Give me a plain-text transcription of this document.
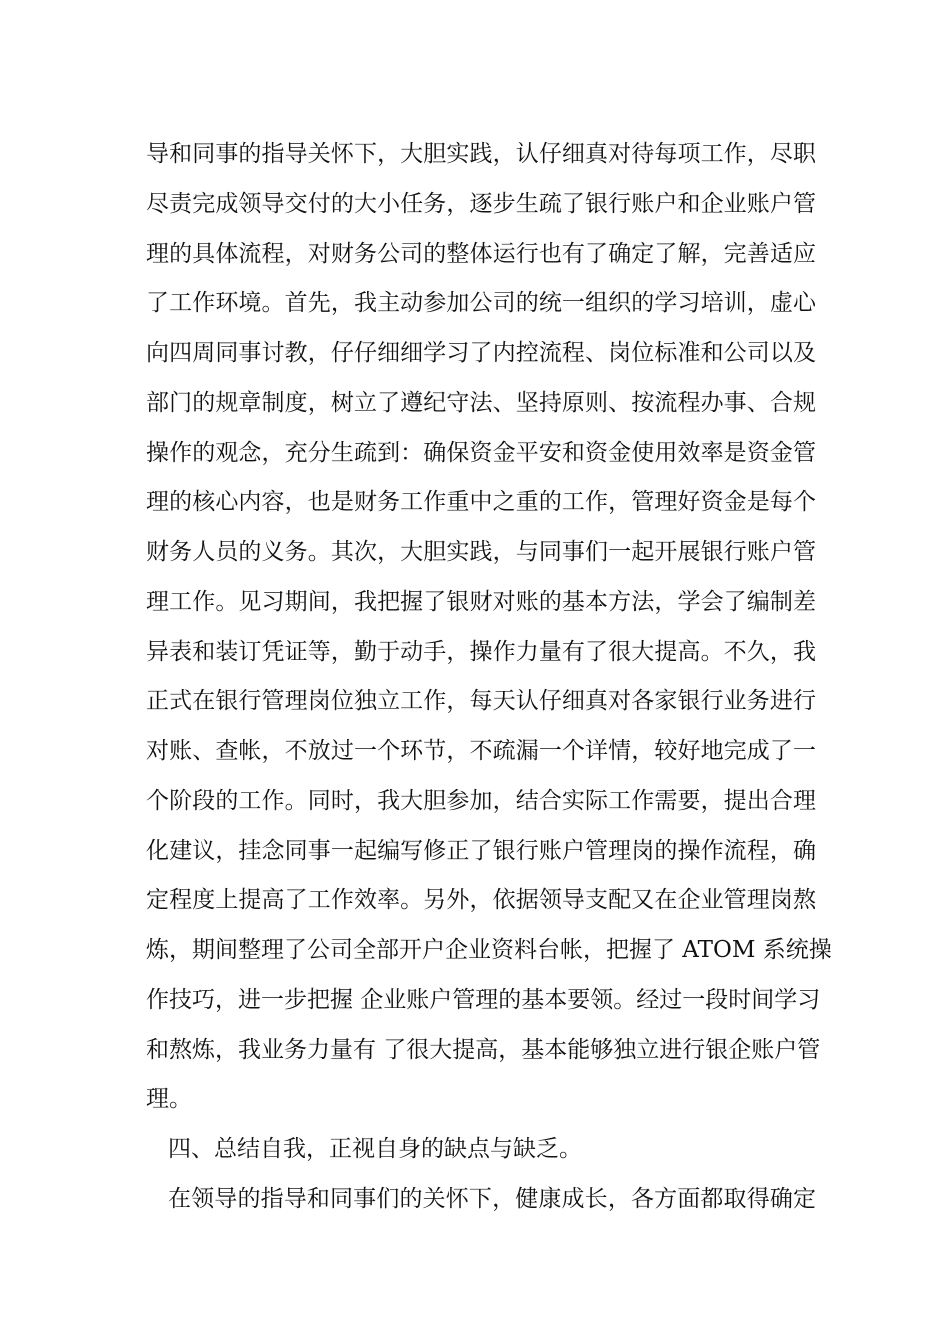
导和同事的指导关怀下，大胆实践，认仔细真对待每项工作，尽职
尽责完成领导交付的大小任务，逐步生疏了银行账户和企业账户管
理的具体流程，对财务公司的整体运行也有了确定了解，完善适应
了工作环境。首先，我主动参加公司的统一组织的学习培训，虚心
向四周同事讨教，仔仔细细学习了内控流程、岗位标准和公司以及
部门的规章制度，树立了遵纪守法、坚持原则、按流程办事、合规
操作的观念，充分生疏到：确保资金平安和资金使用效率是资金管
理的核心内容，也是财务工作重中之重的工作，管理好资金是每个
财务人员的义务。其次，大胆实践，与同事们一起开展银行账户管
理工作。见习期间，我把握了银财对账的基本方法，学会了编制差
异表和装订凭证等，勤于动手，操作力量有了很大提高。不久，我
正式在银行管理岗位独立工作，每天认仔细真对各家银行业务进行
对账、查帐，不放过一个环节，不疏漏一个详情，较好地完成了一
个阶段的工作。同时，我大胆参加，结合实际工作需要，提出合理
化建议，挂念同事一起编写修正了银行账户管理岗的操作流程，确
定程度上提高了工作效率。另外，依据领导支配又在企业管理岗熬
炼，期间整理了公司全部开户企业资料台帐，把握了 ATOM 系统操
作技巧，进一步把握 企业账户管理的基本要领。经过一段时间学习
和熬炼，我业务力量有 了很大提高，基本能够独立进行银企账户管
理。
四、总结自我，正视自身的缺点与缺乏。
在领导的指导和同事们的关怀下，健康成长，各方面都取得确定
